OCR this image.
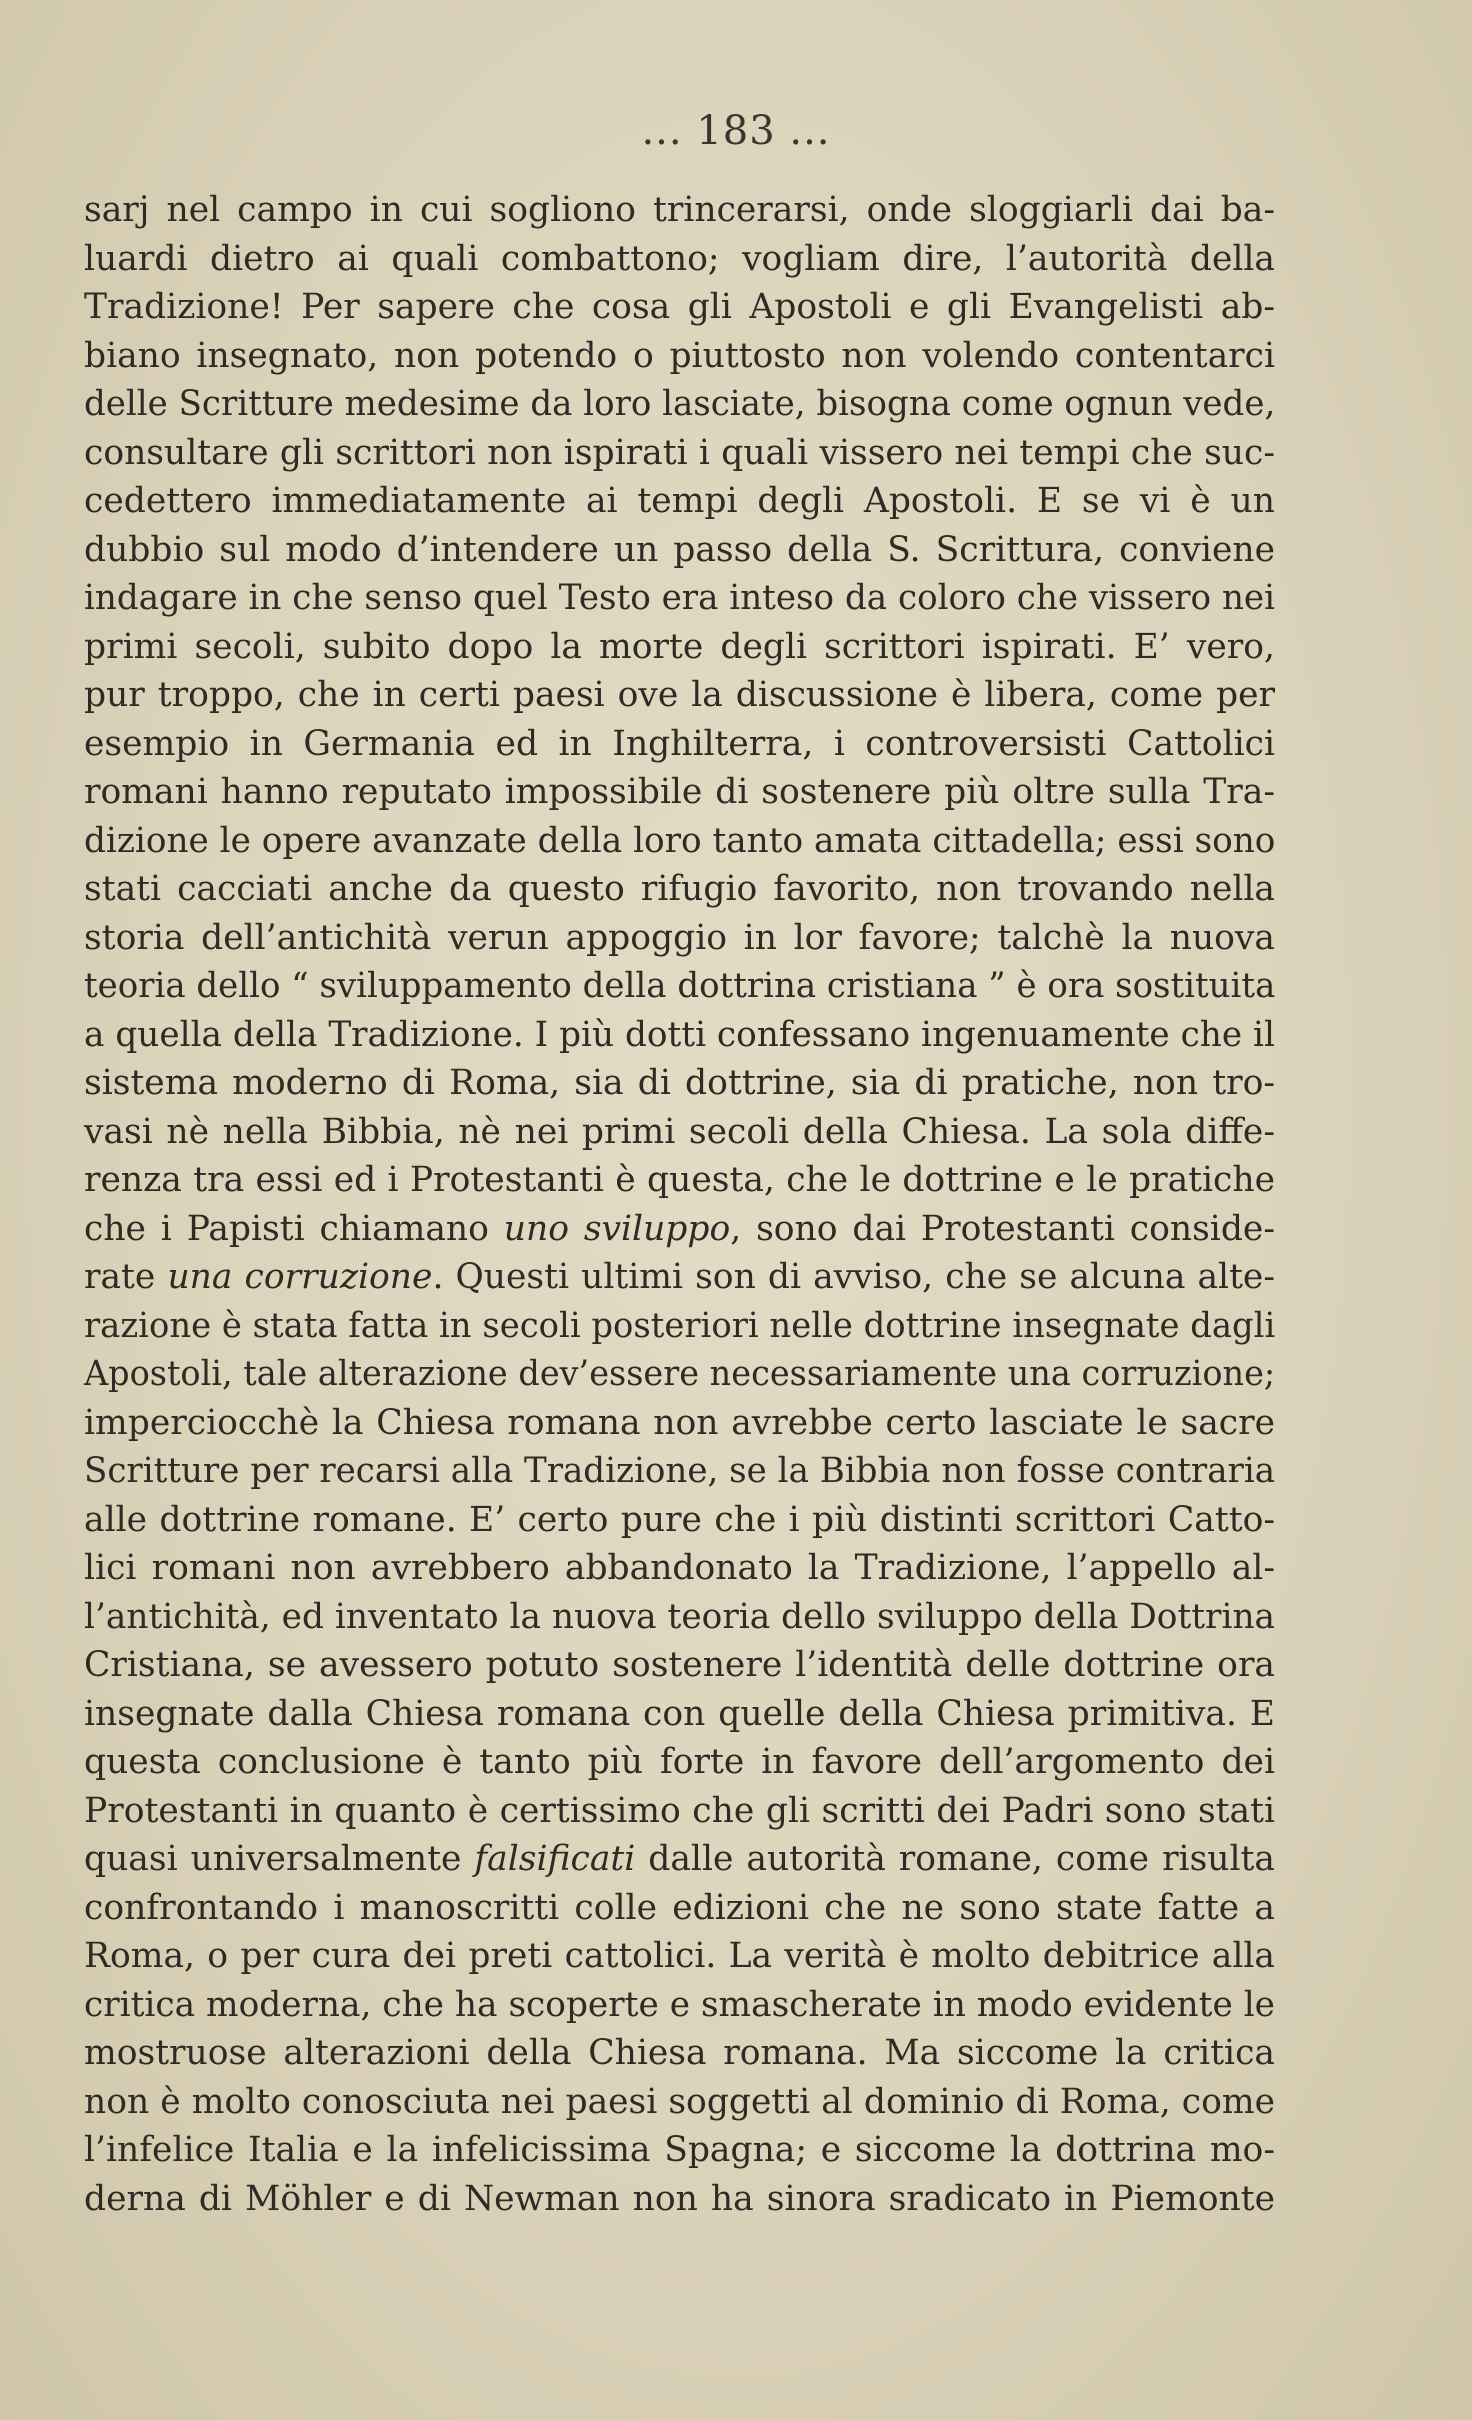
... 183 ...
sarj nel campo in cui sogliono trincerarsi, onde sloggiarli dai ba-
luardi dietro ai quali combattono; vogliam dire, l’autorità della
Tradizione! Per sapere che cosa gli Apostoli e gli Evangelisti ab-
biano insegnato, non potendo o piuttosto non volendo contentarci
delle Scritture medesime da loro lasciate, bisogna come ognun vede,
consultare gli scrittori non ispirati i quali vissero nei tempi che suc-
cedettero immediatamente ai tempi degli Apostoli. E se vi è un
dubbio sul modo d’intendere un passo della S. Scrittura, conviene
indagare in che senso quel Testo era inteso da coloro che vissero nei
primi secoli, subito dopo la morte degli scrittori ispirati. E’ vero,
pur troppo, che in certi paesi ove la discussione è libera, come per
esempio in Germania ed in Inghilterra, i controversisti Cattolici
romani hanno reputato impossibile di sostenere più oltre sulla Tra-
dizione le opere avanzate della loro tanto amata cittadella; essi sono
stati cacciati anche da questo rifugio favorito, non trovando nella
storia dell’antichità verun appoggio in lor favore; talchè la nuova
teoria dello “ sviluppamento della dottrina cristiana ” è ora sostituita
a quella della Tradizione. I più dotti confessano ingenuamente che il
sistema moderno di Roma, sia di dottrine, sia di pratiche, non tro-
vasi nè nella Bibbia, nè nei primi secoli della Chiesa. La sola diffe-
renza tra essi ed i Protestanti è questa, che le dottrine e le pratiche
che i Papisti chiamano uno sviluppo, sono dai Protestanti conside-
rate una corruzione. Questi ultimi son di avviso, che se alcuna alte-
razione è stata fatta in secoli posteriori nelle dottrine insegnate dagli
Apostoli, tale alterazione dev’essere necessariamente una corruzione;
imperciocchè la Chiesa romana non avrebbe certo lasciate le sacre
Scritture per recarsi alla Tradizione, se la Bibbia non fosse contraria
alle dottrine romane. E’ certo pure che i più distinti scrittori Catto-
lici romani non avrebbero abbandonato la Tradizione, l’appello al-
l’antichità, ed inventato la nuova teoria dello sviluppo della Dottrina
Cristiana, se avessero potuto sostenere l’identità delle dottrine ora
insegnate dalla Chiesa romana con quelle della Chiesa primitiva. E
questa conclusione è tanto più forte in favore dell’argomento dei
Protestanti in quanto è certissimo che gli scritti dei Padri sono stati
quasi universalmente falsificati dalle autorità romane, come risulta
confrontando i manoscritti colle edizioni che ne sono state fatte a
Roma, o per cura dei preti cattolici. La verità è molto debitrice alla
critica moderna, che ha scoperte e smascherate in modo evidente le
mostruose alterazioni della Chiesa romana. Ma siccome la critica
non è molto conosciuta nei paesi soggetti al dominio di Roma, come
l’infelice Italia e la infelicissima Spagna; e siccome la dottrina mo-
derna di Möhler e di Newman non ha sinora sradicato in Piemonte
